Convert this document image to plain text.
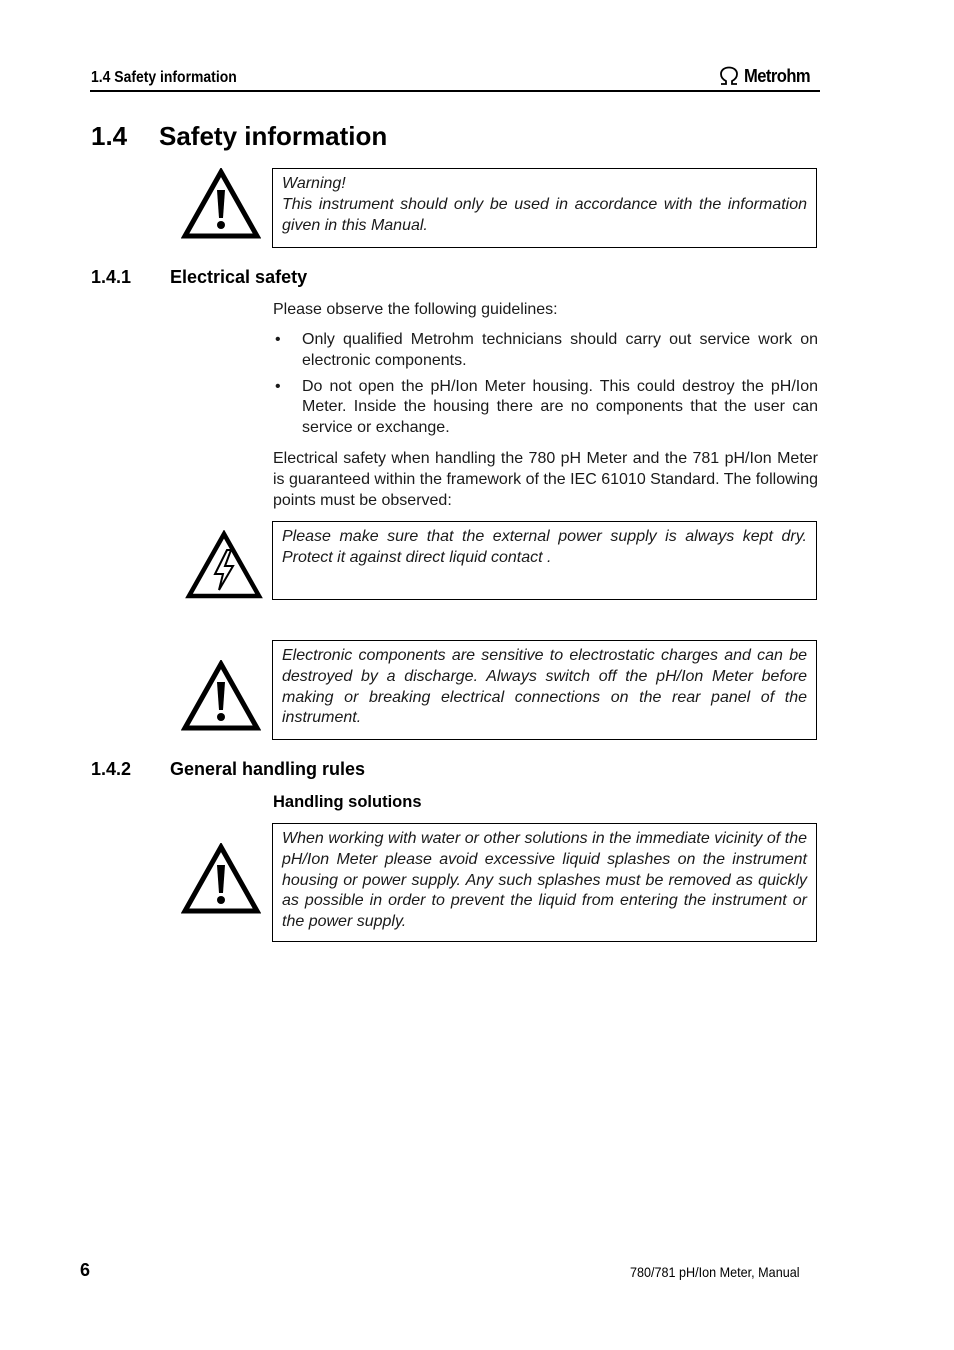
1.4 Safety information	Metrohm
1.4 Safety information
Warning!
This instrument should only be used in accordance with the information given in this Manual.
1.4.1 Electrical safety
Please observe the following guidelines:
• Only qualified Metrohm technicians should carry out service work on electronic components.
• Do not open the pH/Ion Meter housing. This could destroy the pH/Ion Meter. Inside the housing there are no components that the user can service or exchange.
Electrical safety when handling the 780 pH Meter and the 781 pH/Ion Meter is guaranteed within the framework of the IEC 61010 Standard. The following points must be observed:
Please make sure that the external power supply is always kept dry. Protect it against direct liquid contact .
Electronic components are sensitive to electrostatic charges and can be destroyed by a discharge. Always switch off the pH/Ion Meter before making or breaking electrical connections on the rear panel of the instrument.
1.4.2 General handling rules
Handling solutions
When working with water or other solutions in the immediate vicinity of the pH/Ion Meter please avoid excessive liquid splashes on the instrument housing or power supply. Any such splashes must be removed as quickly as possible in order to prevent the liquid from entering the instrument or the power supply.
6	780/781 pH/Ion Meter, Manual
